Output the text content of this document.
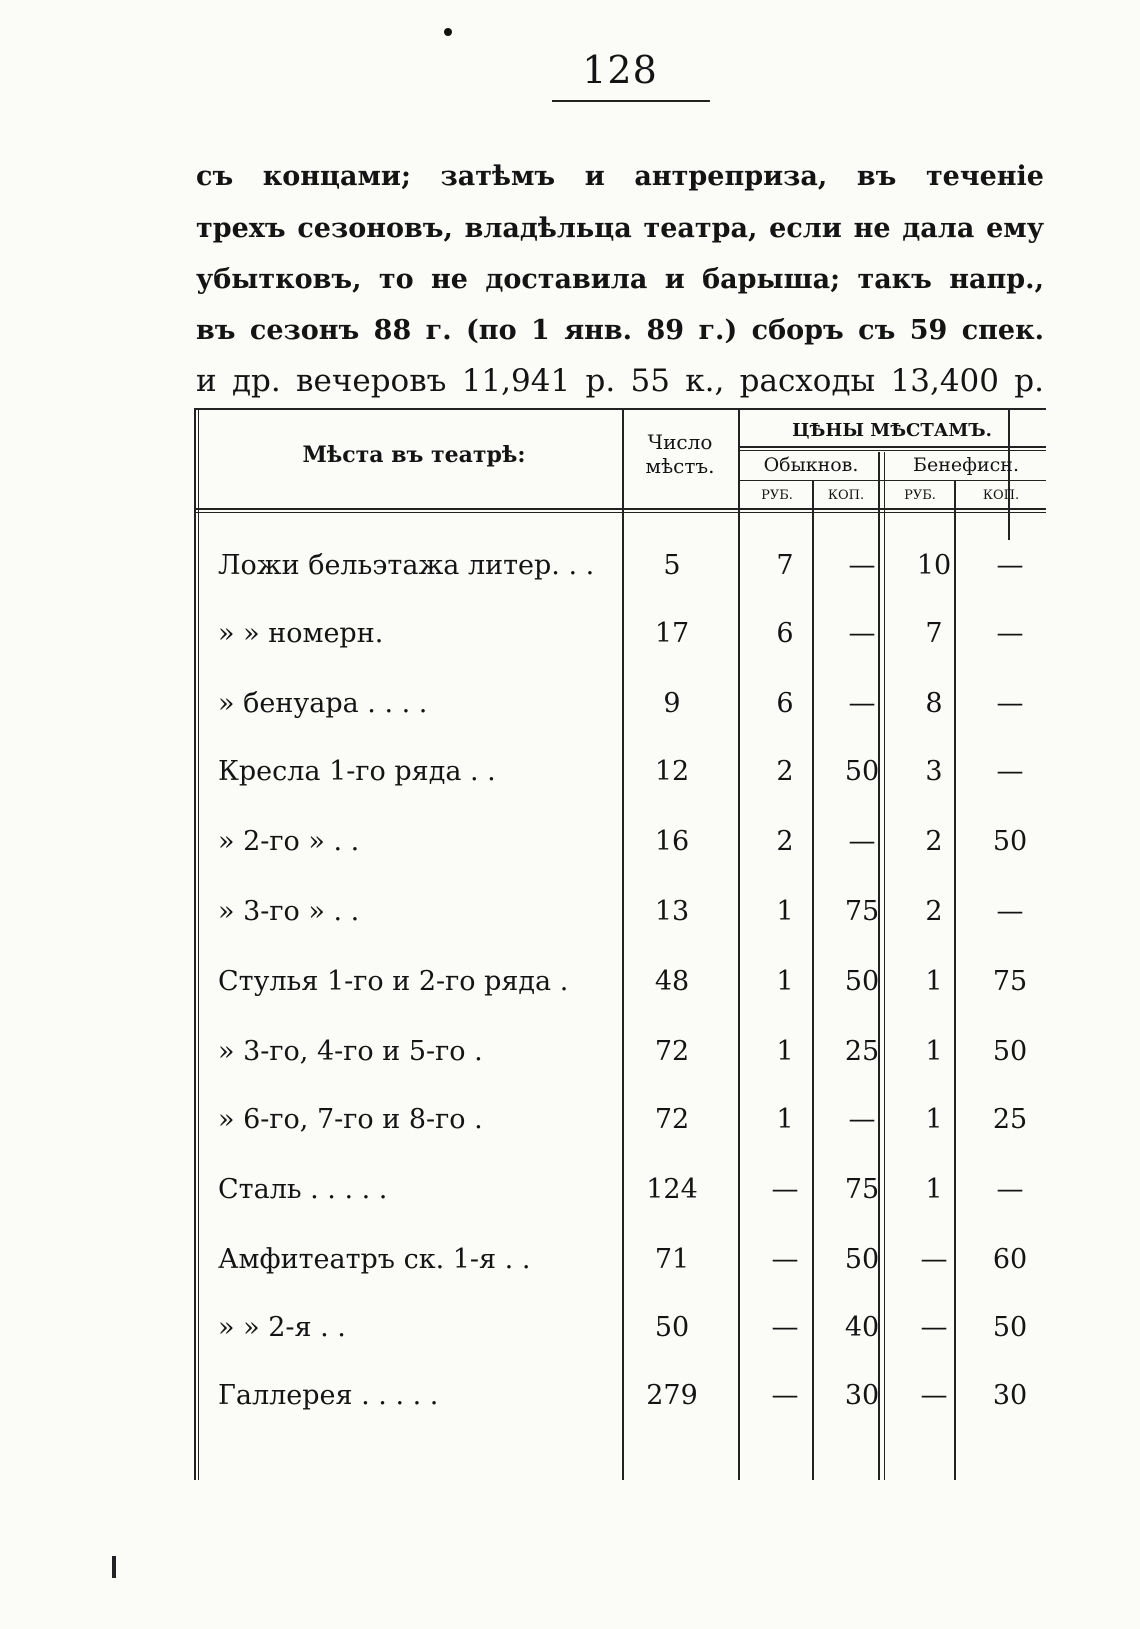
128
съ концами; затѣмъ и антреприза, въ теченіе
трехъ сезоновъ, владѣльца театра, если не дала ему
убытковъ, то не доставила и барыша; такъ напр.,
въ сезонъ 88 г. (по 1 янв. 89 г.) сборъ съ 59 спек.
и др. вечеровъ 11,941 р. 55 к., расходы 13,400 р.
Мѣста въ театрѣ:	Число
мѣстъ.
ЦѢНЫ МѢСТАМЪ.
Обыкнов.	Бенефисн.
РУБ.	КОП.	РУБ.	КОП.
Ложи бельэтажа литер. . .	5	7	—	10	—
» » номерн.	17	6	—	7	—
» бенуара . . . .	9	6	—	8	—
Кресла 1-го ряда . .	12	2	50	3	—
» 2-го » . .	16	2	—	2	50
» 3-го » . .	13	1	75	2	—
Стулья 1-го и 2-го ряда .	48	1	50	1	75
» 3-го, 4-го и 5-го .	72	1	25	1	50
» 6-го, 7-го и 8-го .	72	1	—	1	25
Сталь . . . . .	124	—	75	1	—
Амфитеатръ ск. 1-я . .	71	—	50	—	60
» » 2-я . .	50	—	40	—	50
Галлерея . . . . .	279	—	30	—	30
